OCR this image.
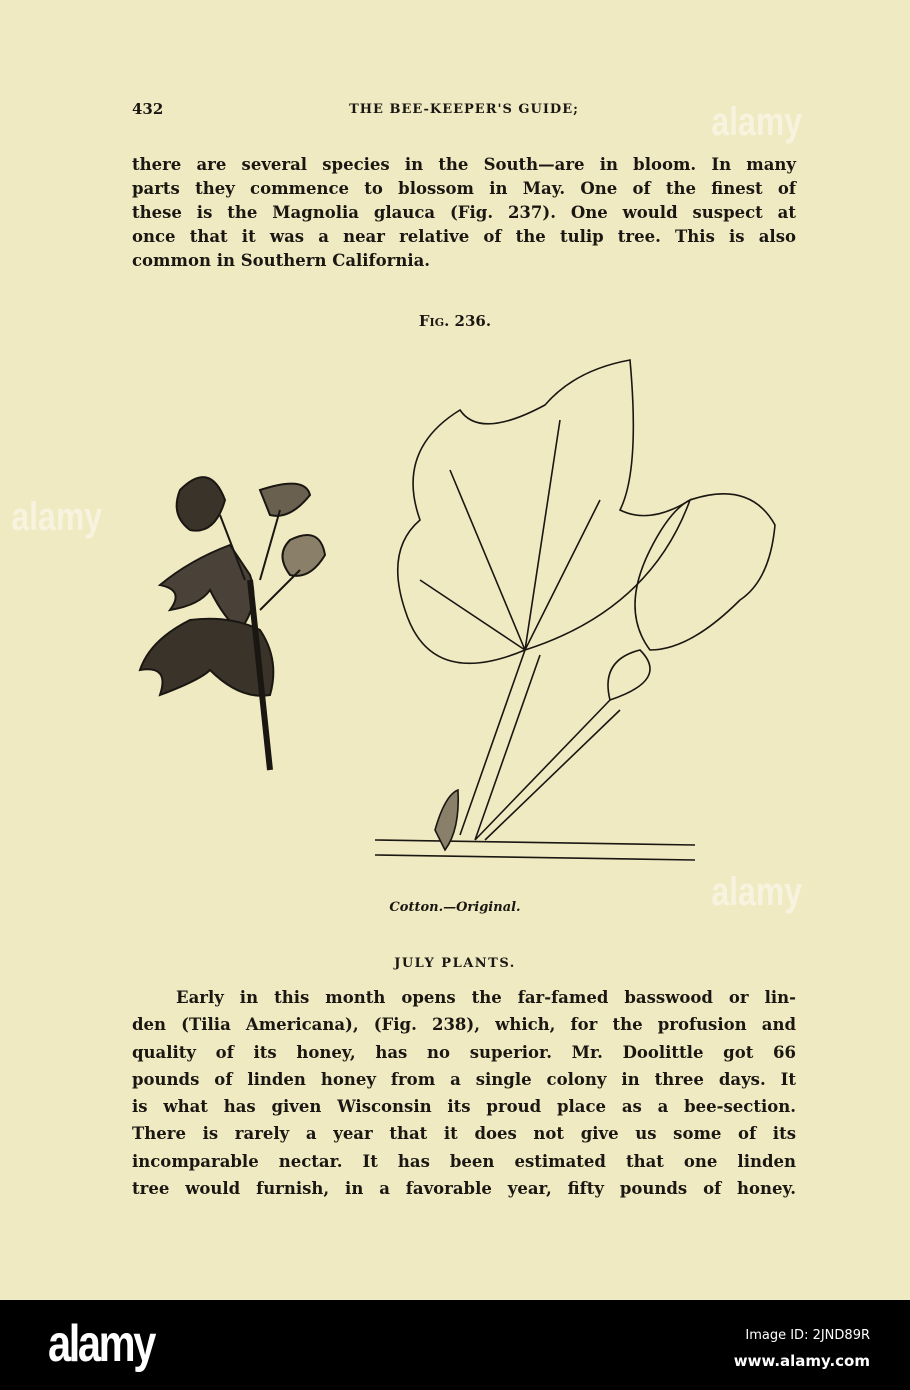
alamy
alamy
alamy
432	THE BEE-KEEPER'S GUIDE;
there are several species in the South—are in bloom. In many
parts they commence to blossom in May. One of the finest of
these is the Magnolia glauca (Fig. 237). One would suspect at
once that it was a near relative of the tulip tree. This is also
common in Southern California.
Fig. 236.
Cotton.—Original.
JULY PLANTS.
Early in this month opens the far-famed basswood or lin-
den (Tilia Americana), (Fig. 238), which, for the profusion and
quality of its honey, has no superior. Mr. Doolittle got 66
pounds of linden honey from a single colony in three days. It
is what has given Wisconsin its proud place as a bee-section.
There is rarely a year that it does not give us some of its
incomparable nectar. It has been estimated that one linden
tree would furnish, in a favorable year, fifty pounds of honey.
alamy	Image ID: 2JND89R
www.alamy.com
